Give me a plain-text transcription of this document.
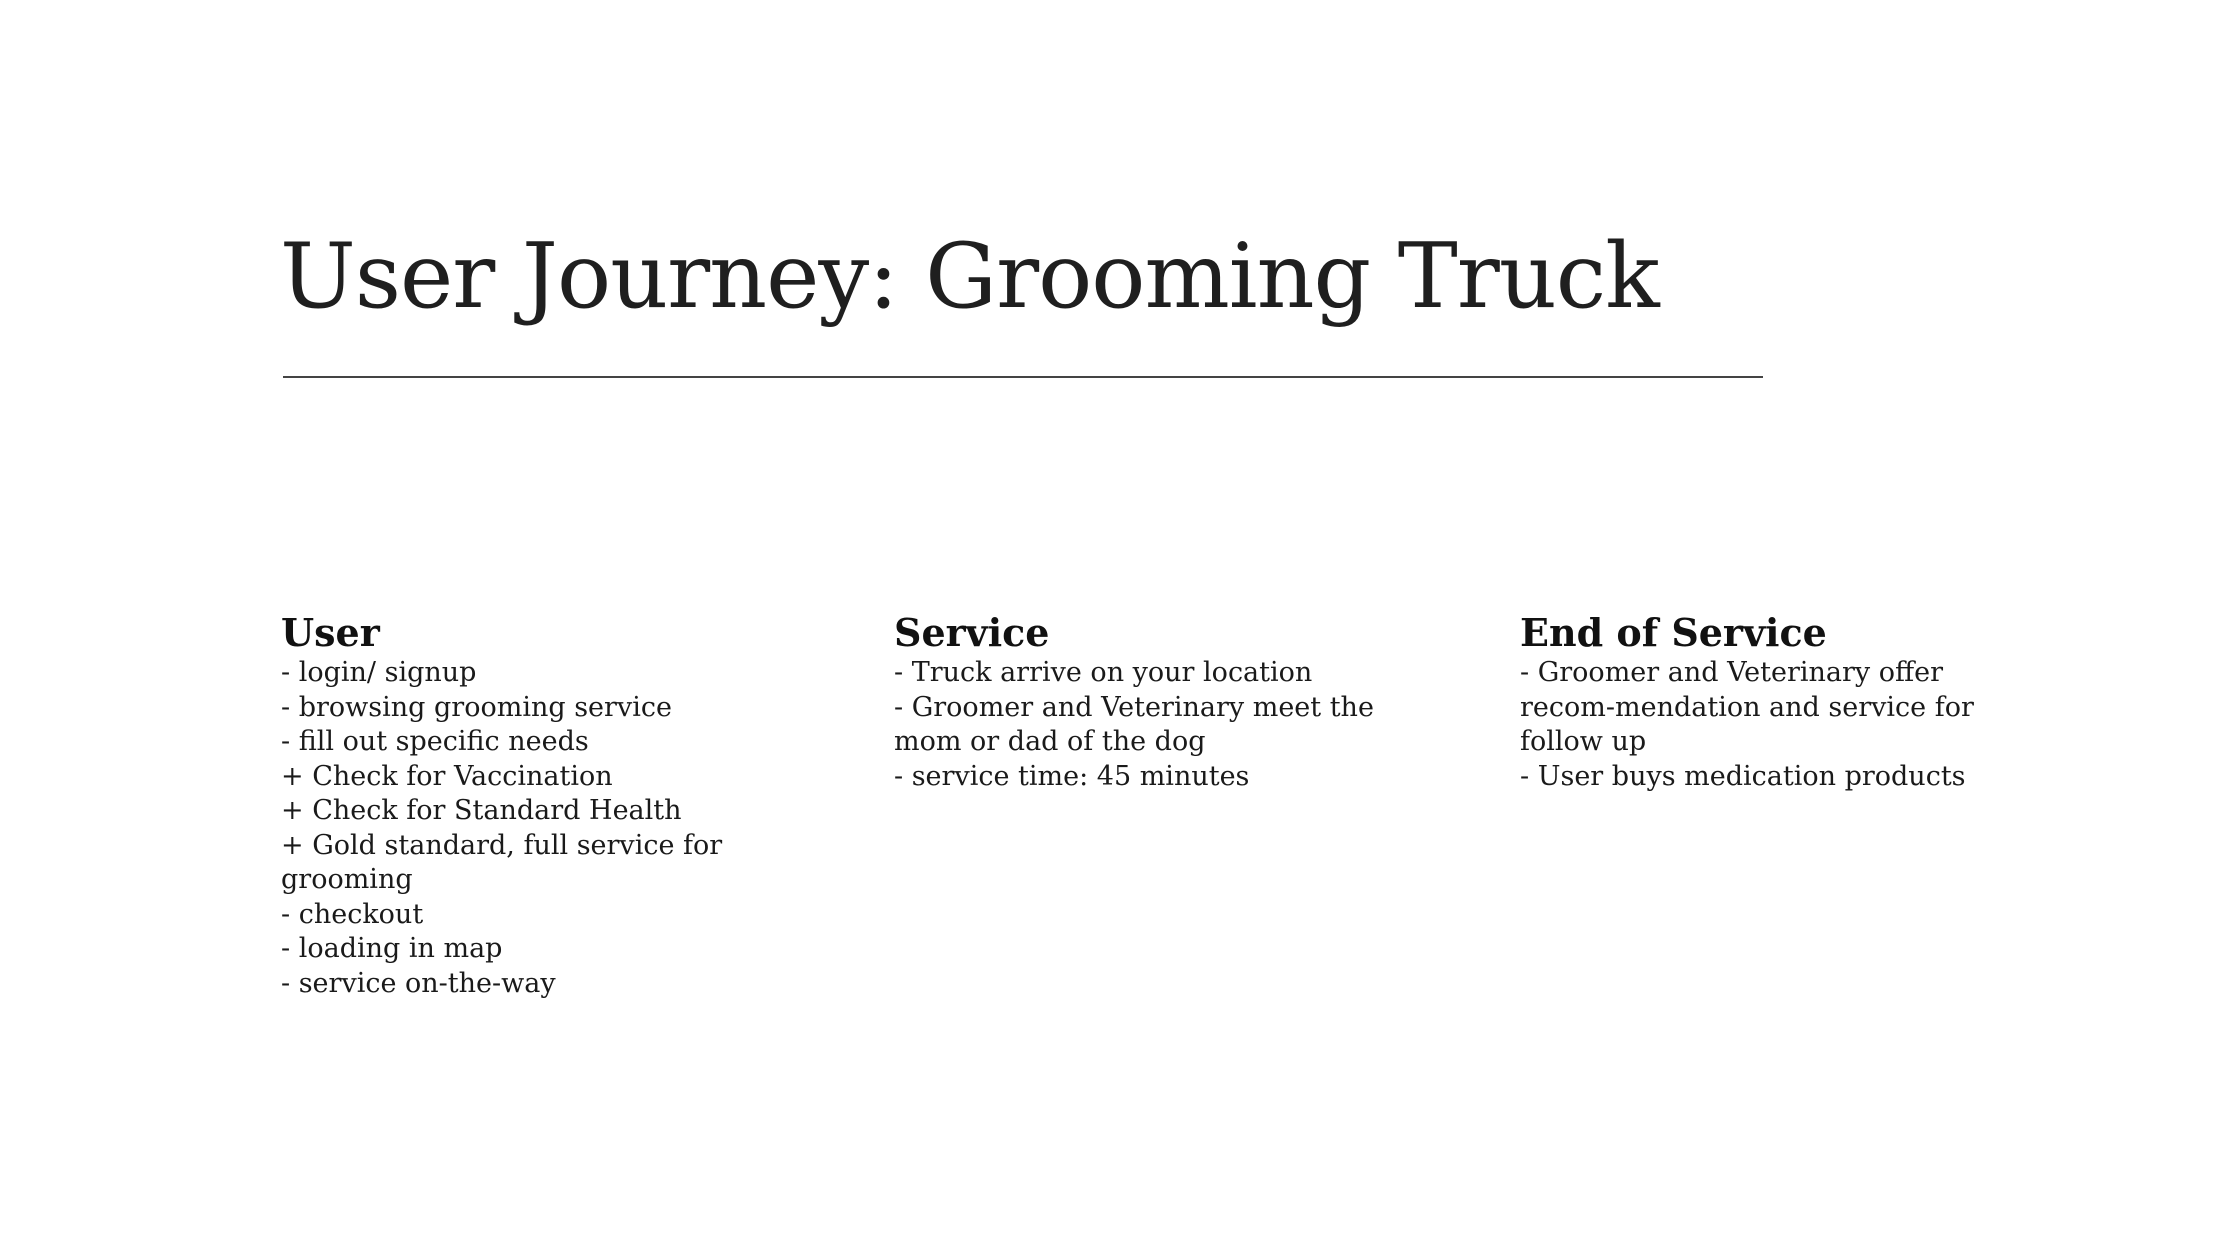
User Journey: Grooming Truck
User
- login/ signup
- browsing grooming service
- fill out specific needs
+ Check for Vaccination
+ Check for Standard Health
+ Gold standard, full service for grooming
- checkout
- loading in map
- service on-the-way
Service
- Truck arrive on your location
- Groomer and Veterinary meet the mom or dad of the dog
- service time: 45 minutes
End of Service
- Groomer and Veterinary offer recom-mendation and service for follow up
- User buys medication products
